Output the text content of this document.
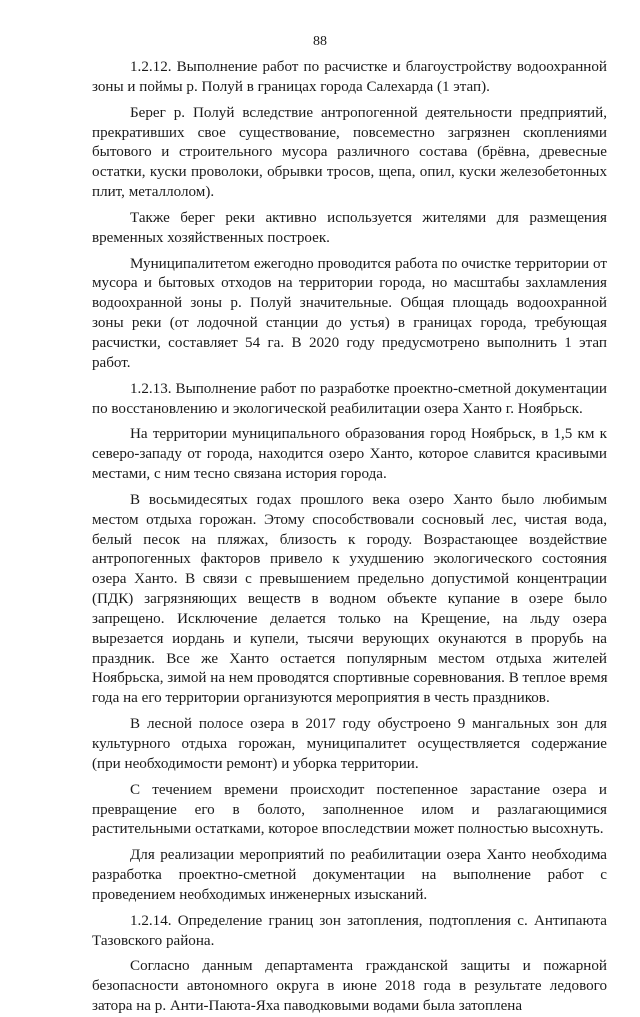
88
1.2.12. Выполнение работ по расчистке и благоустройству водоохранной
зоны и поймы р. Полуй в границах города Салехарда (1 этап).
Берег р. Полуй вследствие антропогенной деятельности предприятий,
прекративших свое существование, повсеместно загрязнен скоплениями
бытового и строительного мусора различного состава (брёвна, древесные
остатки, куски проволоки, обрывки тросов, щепа, опил, куски железобетонных
плит, металлолом).
Также берег реки активно используется жителями для размещения
временных хозяйственных построек.
Муниципалитетом ежегодно проводится работа по очистке территории от
мусора и бытовых отходов на территории города, но масштабы захламления
водоохранной зоны р. Полуй значительные. Общая площадь водоохранной
зоны реки (от лодочной станции до устья) в границах города, требующая
расчистки, составляет 54 га. В 2020 году предусмотрено выполнить 1 этап
работ.
1.2.13. Выполнение работ по разработке проектно-сметной документации
по восстановлению и экологической реабилитации озера Ханто г. Ноябрьск.
На территории муниципального образования город Ноябрьск, в 1,5 км к
северо-западу от города, находится озеро Ханто, которое славится красивыми
местами, с ним тесно связана история города.
В восьмидесятых годах прошлого века озеро Ханто было любимым
местом отдыха горожан. Этому способствовали сосновый лес, чистая вода,
белый песок на пляжах, близость к городу. Возрастающее воздействие
антропогенных факторов привело к ухудшению экологического состояния
озера Ханто. В связи с превышением предельно допустимой концентрации
(ПДК) загрязняющих веществ в водном объекте купание в озере было
запрещено. Исключение делается только на Крещение, на льду озера
вырезается иордань и купели, тысячи верующих окунаются в прорубь на
праздник. Все же Ханто остается популярным местом отдыха жителей
Ноябрьска, зимой на нем проводятся спортивные соревнования. В теплое время
года на его территории организуются мероприятия в честь праздников.
В лесной полосе озера в 2017 году обустроено 9 мангальных зон для
культурного отдыха горожан, муниципалитет осуществляется содержание
(при необходимости ремонт) и уборка территории.
С течением времени происходит постепенное зарастание озера и
превращение его в болото, заполненное илом и разлагающимися
растительными остатками, которое впоследствии может полностью высохнуть.
Для реализации мероприятий по реабилитации озера Ханто необходима
разработка проектно-сметной документации на выполнение работ с
проведением необходимых инженерных изысканий.
1.2.14. Определение границ зон затопления, подтопления с. Антипаюта
Тазовского района.
Согласно данным департамента гражданской защиты и пожарной
безопасности автономного округа в июне 2018 года в результате ледового
затора на р. Анти-Паюта-Яха паводковыми водами была затоплена
